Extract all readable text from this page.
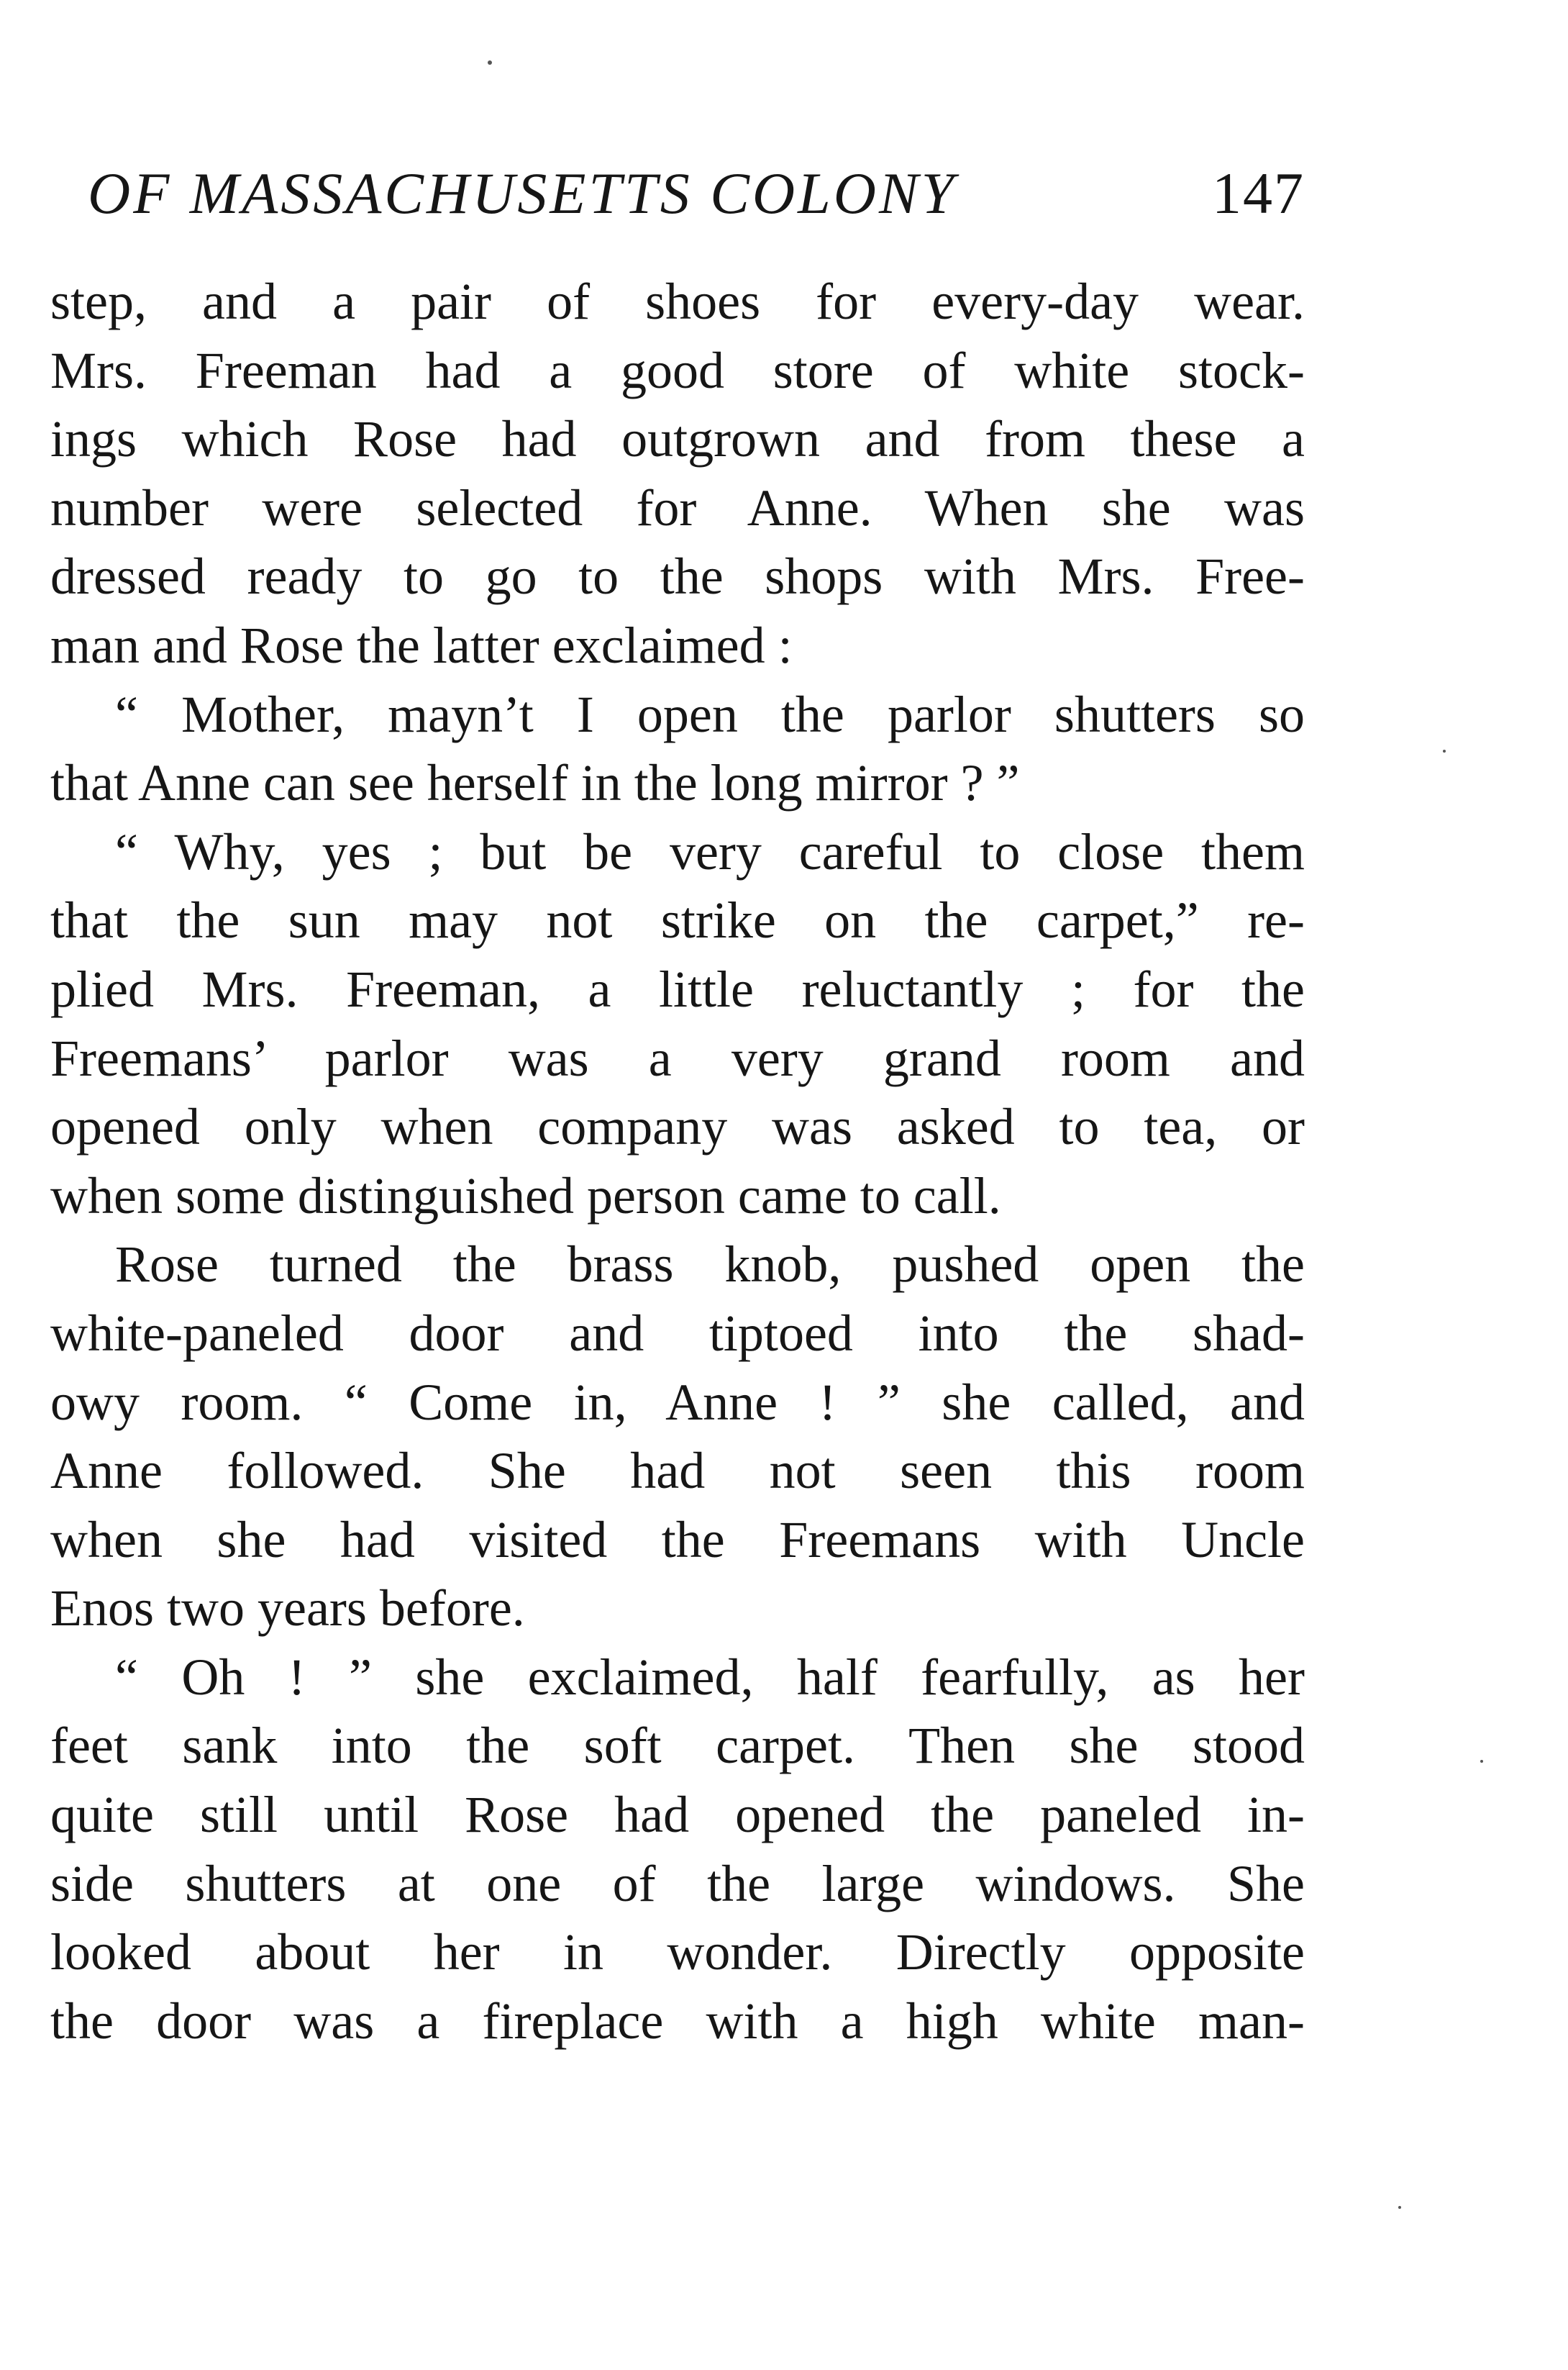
OF MASSACHUSETTS COLONY	147
step, and a pair of shoes for every-day wear.
Mrs. Freeman had a good store of white stock-
ings which Rose had outgrown and from these a
number were selected for Anne. When she was
dressed ready to go to the shops with Mrs. Free-
man and Rose the latter exclaimed :
“ Mother, mayn’t I open the parlor shutters so
that Anne can see herself in the long mirror ? ”
“ Why, yes ; but be very careful to close them
that the sun may not strike on the carpet,” re-
plied Mrs. Freeman, a little reluctantly ; for the
Freemans’ parlor was a very grand room and
opened only when company was asked to tea, or
when some distinguished person came to call.
Rose turned the brass knob, pushed open the
white-paneled door and tiptoed into the shad-
owy room. “ Come in, Anne ! ” she called, and
Anne followed. She had not seen this room
when she had visited the Freemans with Uncle
Enos two years before.
“ Oh ! ” she exclaimed, half fearfully, as her
feet sank into the soft carpet. Then she stood
quite still until Rose had opened the paneled in-
side shutters at one of the large windows. She
looked about her in wonder. Directly opposite
the door was a fireplace with a high white man-
